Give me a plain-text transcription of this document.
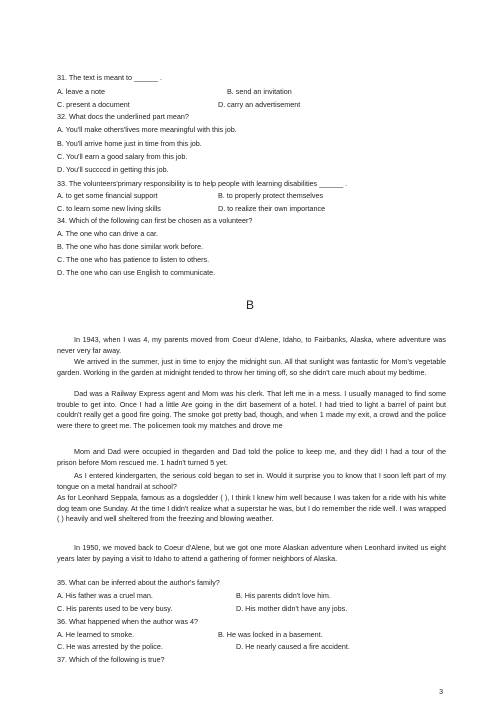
31. The text is meant to ______ .
A. leave a note	B. send an invitation
C. present a document	D. carry an advertisement
32. What docs the underlined part mean?
A. You'll make others'lives more meaningful with this job.
B. You'll arrive home just in time from this job.
C. You'll earn a good salary from this job.
D. You'll succccd in getting this job.
33. The volunteers'primary responsibility is to help people with learning disabilities ______ .
A. to get some financial support	B. to properly protect themselves
C. to learn some new living skills	D. to realize their own importance
34. Which of the following can first be chosen as a volunteer?
A. The one who can drive a car.
B. The one who has done similar work before.
C. The one who has patience to listen to others.
D. The one who can use English to communicate.
B
In 1943, when I was 4, my parents moved from Coeur d'Alene, Idaho, to Fairbanks, Alaska, where adventure was never very far away.
We arrived in the summer, just in time to enjoy the midnight sun. All that sunlight was fantastic for Mom's vegetable garden. Working in the garden at midnight tended to throw her timing off, so she didn't care much about my bedtime.
Dad was a Railway Express agent and Mom was his clerk. That left me in a mess. I usually managed to find some trouble to get into. Once I had a little Are going in the dirt basement of a hotel. I had tried to light a barrel of paint but couldn't really get a good fire going. The smoke got pretty bad, though, and when 1 made my exit, a crowd and the police were there to greet me. The policemen took my matches and drove me
Mom and Dad were occupied in thegarden and Dad told the police to keep me, and they did! I had a tour of the prison before Mom rescued me. 1 hadn't turned 5 yet.
As I entered kindergarten, the serious cold began to set in. Would it surprise you to know that I soon left part of my tongue on a metal handrail at school?
As for Leonhard Seppala, famous as a dogsledder ( ), I think I knew him well because I was taken for a ride with his white dog team one Sunday. At the time I didn't realize what a superstar he was, but I do remember the ride well. I was wrapped ( ) heavily and well sheltered from the freezing and blowing weather.
In 1950, we moved back to Coeur d'Alene, but we got one more Alaskan adventure when Leonhard invited us eight years later by paying a visit to Idaho to attend a gathering of former neighbors of Alaska.
35. What can be inferred about the author's family?
A. His father was a cruel man.	B. His parents didn't love him.
C. His parents used to be very busy.	D. His mother didn't have any jobs.
36. What happened when the author was 4?
A. He learned to smoke.	B. He was locked in a basement.
C. He was arrested by the police.	D. He nearly caused a fire accident.
37. Which of the following is true?
3
